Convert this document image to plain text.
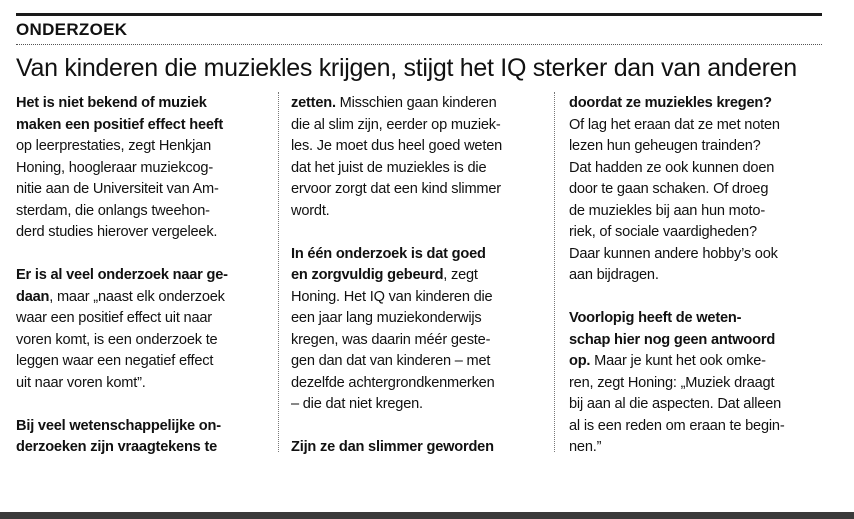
ONDERZOEK
Van kinderen die muziekles krijgen, stijgt het IQ sterker dan van anderen

Het is niet bekend of muziek
maken een positief effect heeft
op leerprestaties, zegt Henkjan
Honing, hoogleraar muziekcog-
nitie aan de Universiteit van Am-
sterdam, die onlangs tweehon-
derd studies hierover vergeleek.

Er is al veel onderzoek naar ge-
daan, maar „naast elk onderzoek
waar een positief effect uit naar
voren komt, is een onderzoek te
leggen waar een negatief effect
uit naar voren komt”.

Bij veel wetenschappelijke on-
derzoeken zijn vraagtekens te

zetten. Misschien gaan kinderen
die al slim zijn, eerder op muziek-
les. Je moet dus heel goed weten
dat het juist de muziekles is die
ervoor zorgt dat een kind slimmer
wordt.

In één onderzoek is dat goed
en zorgvuldig gebeurd, zegt
Honing. Het IQ van kinderen die
een jaar lang muziekonderwijs
kregen, was daarin méér geste-
gen dan dat van kinderen – met
dezelfde achtergrondkenmerken
– die dat niet kregen.

Zijn ze dan slimmer geworden

doordat ze muziekles kregen?
Of lag het eraan dat ze met noten
lezen hun geheugen trainden?
Dat hadden ze ook kunnen doen
door te gaan schaken. Of droeg
de muziekles bij aan hun moto-
riek, of sociale vaardigheden?
Daar kunnen andere hobby’s ook
aan bijdragen.

Voorlopig heeft de weten-
schap hier nog geen antwoord
op. Maar je kunt het ook omke-
ren, zegt Honing: „Muziek draagt
bij aan al die aspecten. Dat alleen
al is een reden om eraan te begin-
nen.”
